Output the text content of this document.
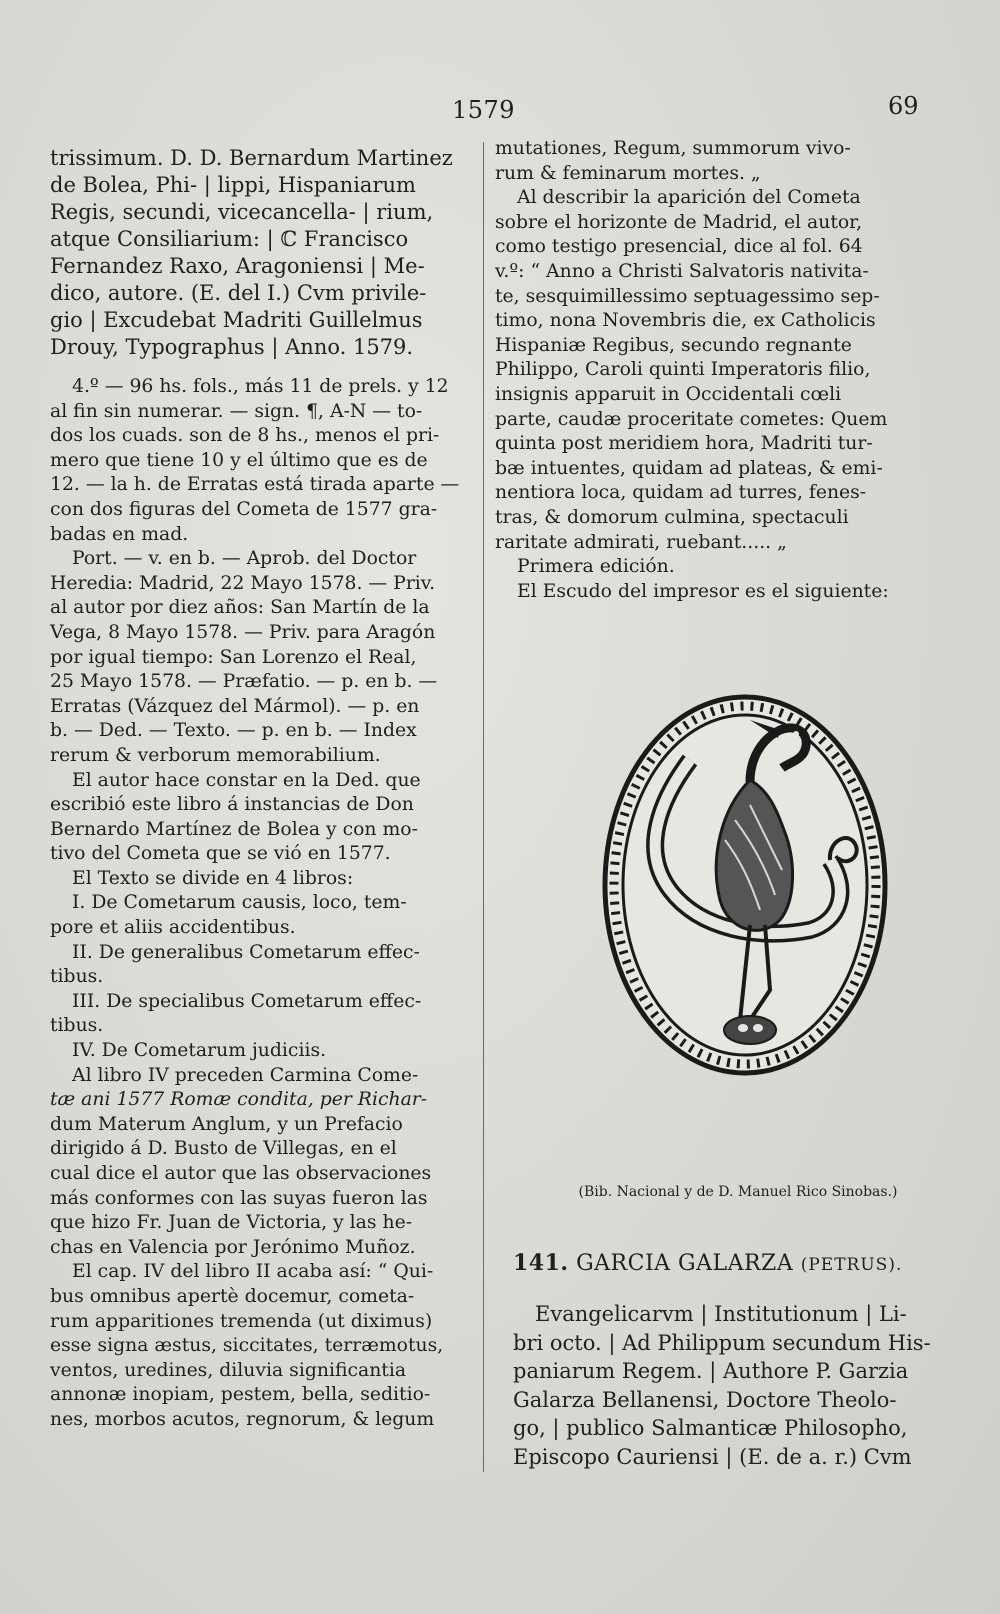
1579	69

trissimum. D. D. Bernardum Martinez

de Bolea, Phi- | lippi, Hispaniarum

Regis, secundi, vicecancella- | rium,

atque Consiliarium: | ℂ Francisco

Fernandez Raxo, Aragoniensi | Me-

dico, autore. (E. del I.) Cvm privile-

gio | Excudebat Madriti Guillelmus

Drouy, Typographus | Anno. 1579.

4.º — 96 hs. fols., más 11 de prels. y 12

al fin sin numerar. — sign. ¶, A-N — to-

dos los cuads. son de 8 hs., menos el pri-

mero que tiene 10 y el último que es de

12. — la h. de Erratas está tirada aparte —

con dos figuras del Cometa de 1577 gra-

badas en mad.

Port. — v. en b. — Aprob. del Doctor

Heredia: Madrid, 22 Mayo 1578. — Priv.

al autor por diez años: San Martín de la

Vega, 8 Mayo 1578. — Priv. para Aragón

por igual tiempo: San Lorenzo el Real,

25 Mayo 1578. — Præfatio. — p. en b. —

Erratas (Vázquez del Mármol). — p. en

b. — Ded. — Texto. — p. en b. — Index

rerum & verborum memorabilium.

El autor hace constar en la Ded. que

escribió este libro á instancias de Don

Bernardo Martínez de Bolea y con mo-

tivo del Cometa que se vió en 1577.

El Texto se divide en 4 libros:

I. De Cometarum causis, loco, tem-

pore et aliis accidentibus.

II. De generalibus Cometarum effec-

tibus.

III. De specialibus Cometarum effec-

tibus.

IV. De Cometarum judiciis.

Al libro IV preceden Carmina Come-

tæ ani 1577 Romæ condita, per Richar-

dum Materum Anglum, y un Prefacio

dirigido á D. Busto de Villegas, en el

cual dice el autor que las observaciones

más conformes con las suyas fueron las

que hizo Fr. Juan de Victoria, y las he-

chas en Valencia por Jerónimo Muñoz.

El cap. IV del libro II acaba así: “ Qui-

bus omnibus apertè docemur, cometa-

rum apparitiones tremenda (ut diximus)

esse signa æstus, siccitates, terræmotus,

ventos, uredines, diluvia significantia

annonæ inopiam, pestem, bella, seditio-

nes, morbos acutos, regnorum, & legum

mutationes, Regum, summorum vivo-

rum & feminarum mortes. „

Al describir la aparición del Cometa

sobre el horizonte de Madrid, el autor,

como testigo presencial, dice al fol. 64

v.º: “ Anno a Christi Salvatoris nativita-

te, sesquimillessimo septuagessimo sep-

timo, nona Novembris die, ex Catholicis

Hispaniæ Regibus, secundo regnante

Philippo, Caroli quinti Imperatoris filio,

insignis apparuit in Occidentali cœli

parte, caudæ proceritate cometes: Quem

quinta post meridiem hora, Madriti tur-

bæ intuentes, quidam ad plateas, & emi-

nentiora loca, quidam ad turres, fenes-

tras, & domorum culmina, spectaculi

raritate admirati, ruebant..... „

Primera edición.

El Escudo del impresor es el siguiente:

(Bib. Nacional y de D. Manuel Rico Sinobas.)
141. GARCIA GALARZA (PETRUS).

Evangelicarvm | Institutionum | Li-

bri octo. | Ad Philippum secundum His-

paniarum Regem. | Authore P. Garzia

Galarza Bellanensi, Doctore Theolo-

go, | publico Salmanticæ Philosopho,

Episcopo Cauriensi | (E. de a. r.) Cvm
